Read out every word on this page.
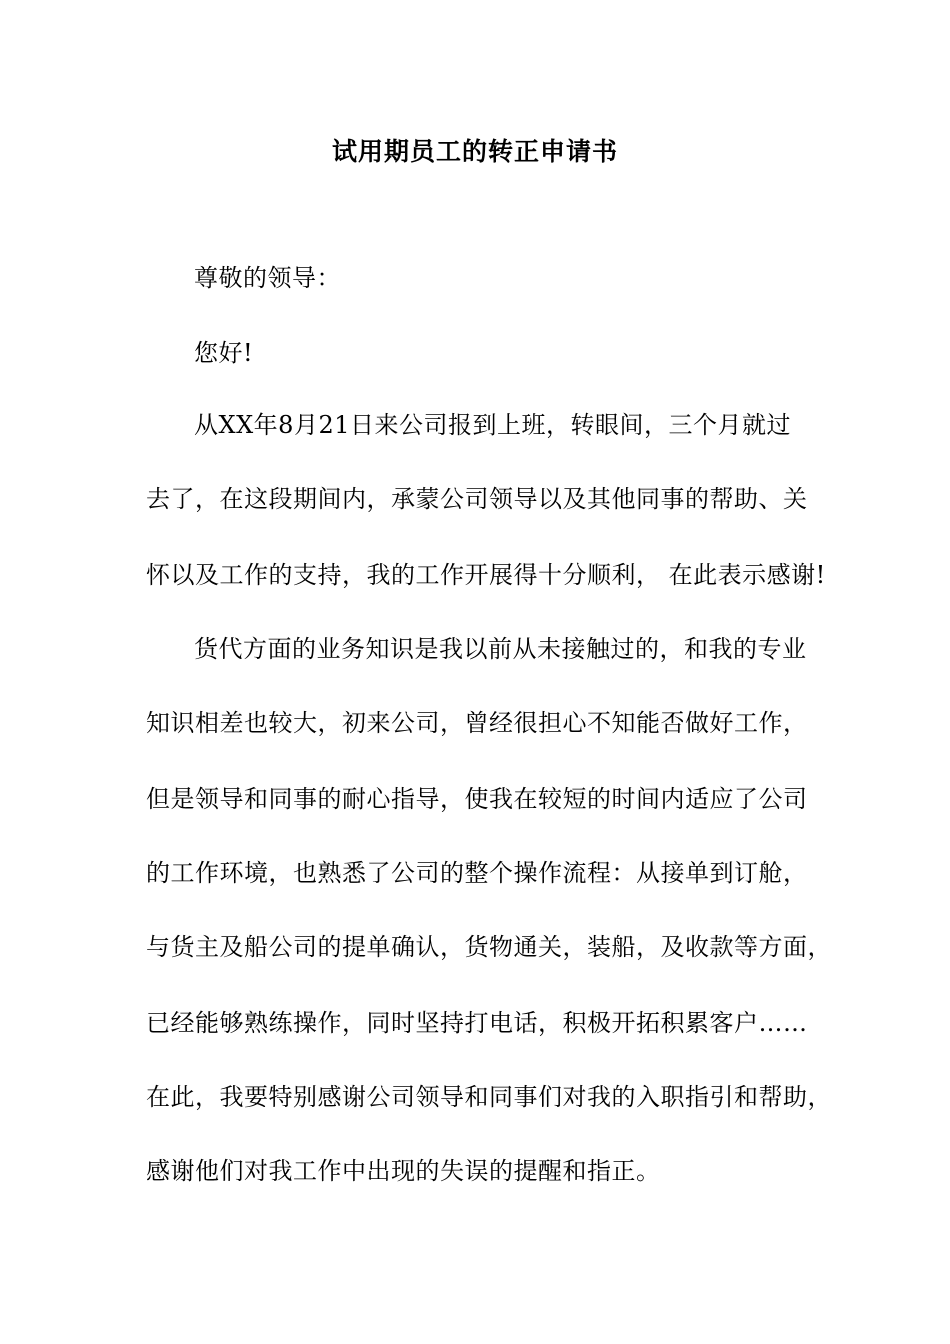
试用期员工的转正申请书
尊敬的领导：
您好!
从XX年8月21日来公司报到上班，转眼间，三个月就过
去了，在这段期间内，承蒙公司领导以及其他同事的帮助、关
怀以及工作的支持，我的工作开展得十分顺利， 在此表示感谢!
货代方面的业务知识是我以前从未接触过的，和我的专业
知识相差也较大，初来公司，曾经很担心不知能否做好工作，
但是领导和同事的耐心指导，使我在较短的时间内适应了公司
的工作环境，也熟悉了公司的整个操作流程：从接单到订舱，
与货主及船公司的提单确认，货物通关，装船，及收款等方面，
已经能够熟练操作，同时坚持打电话，积极开拓积累客户……
在此，我要特别感谢公司领导和同事们对我的入职指引和帮助，
感谢他们对我工作中出现的失误的提醒和指正。
